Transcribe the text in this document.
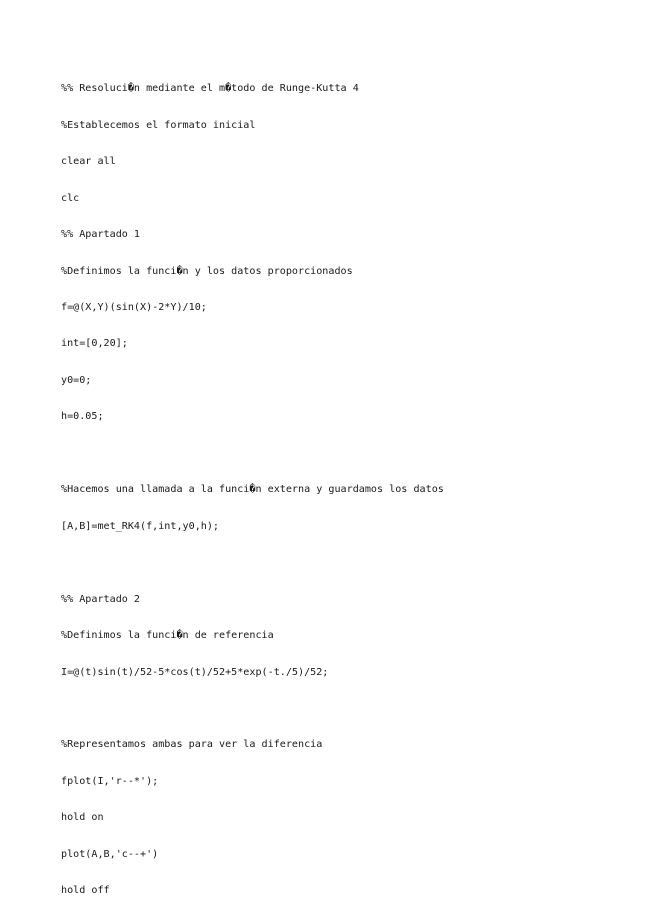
%% Resoluci�n mediante el m�todo de Runge-Kutta 4

%Establecemos el formato inicial

clear all

clc

%% Apartado 1

%Definimos la funci�n y los datos proporcionados

f=@(X,Y)(sin(X)-2*Y)/10;

int=[0,20];

y0=0;

h=0.05;

%Hacemos una llamada a la funci�n externa y guardamos los datos

[A,B]=met_RK4(f,int,y0,h);

%% Apartado 2

%Definimos la funci�n de referencia

I=@(t)sin(t)/52-5*cos(t)/52+5*exp(-t./5)/52;

%Representamos ambas para ver la diferencia

fplot(I,'r--*');

hold on

plot(A,B,'c--+')

hold off
